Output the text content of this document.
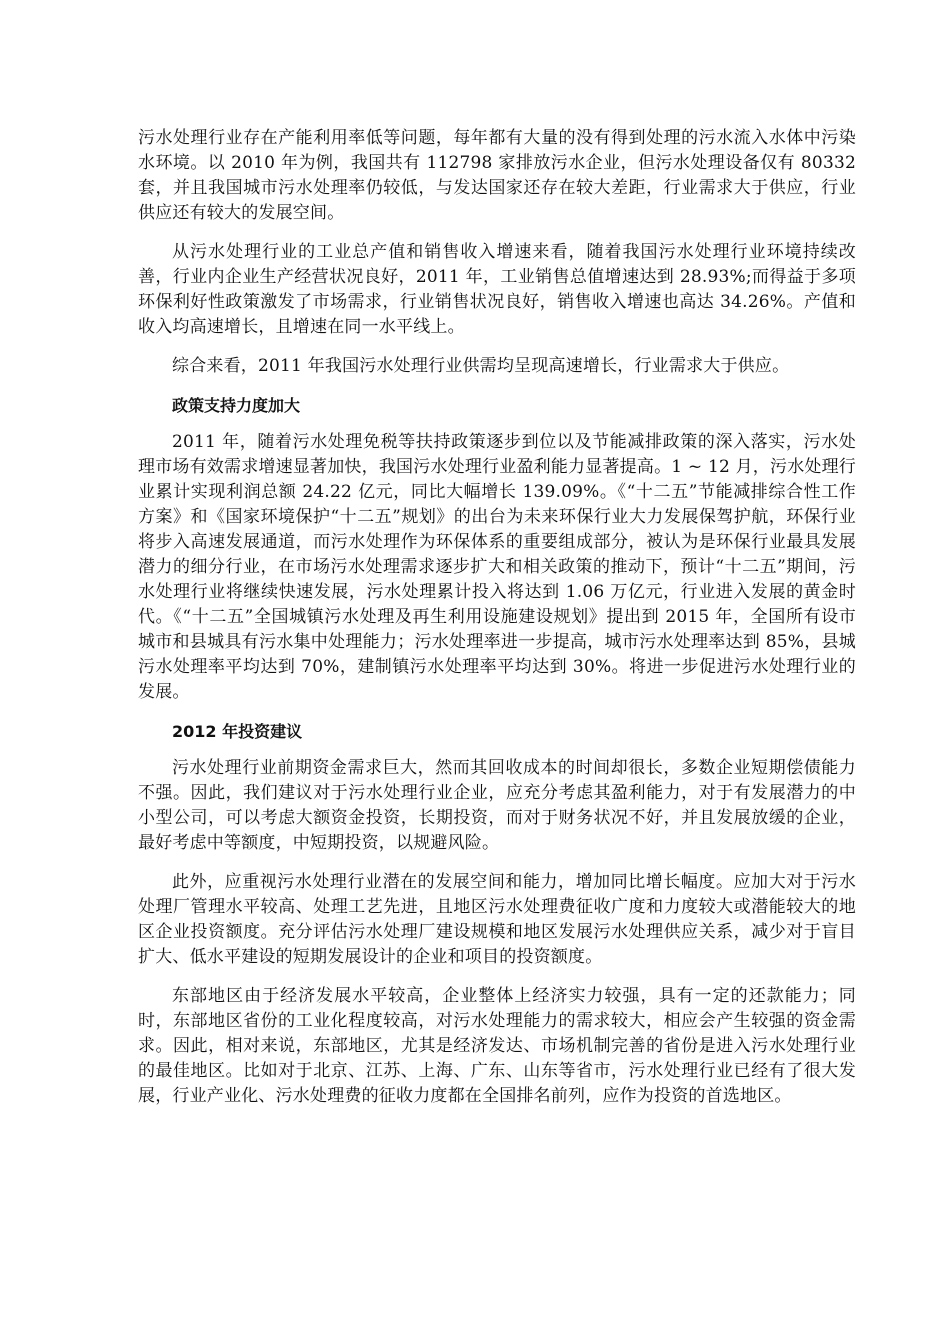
污水处理行业存在产能利用率低等问题，每年都有大量的没有得到处理的污水流入水体中污染水环境。以 2010 年为例，我国共有 112798 家排放污水企业，但污水处理设备仅有 80332 套，并且我国城市污水处理率仍较低，与发达国家还存在较大差距，行业需求大于供应，行业供应还有较大的发展空间。

从污水处理行业的工业总产值和销售收入增速来看，随着我国污水处理行业环境持续改善，行业内企业生产经营状况良好，2011 年，工业销售总值增速达到 28.93%;而得益于多项环保利好性政策激发了市场需求，行业销售状况良好，销售收入增速也高达 34.26%。产值和收入均高速增长，且增速在同一水平线上。

综合来看，2011 年我国污水处理行业供需均呈现高速增长，行业需求大于供应。

政策支持力度加大

2011 年，随着污水处理免税等扶持政策逐步到位以及节能减排政策的深入落实，污水处理市场有效需求增速显著加快，我国污水处理行业盈利能力显著提高。1 ~ 12 月，污水处理行业累计实现利润总额 24.22 亿元，同比大幅增长 139.09%。《“十二五”节能减排综合性工作方案》和《国家环境保护“十二五”规划》的出台为未来环保行业大力发展保驾护航，环保行业将步入高速发展通道，而污水处理作为环保体系的重要组成部分，被认为是环保行业最具发展潜力的细分行业，在市场污水处理需求逐步扩大和相关政策的推动下，预计“十二五”期间，污水处理行业将继续快速发展，污水处理累计投入将达到 1.06 万亿元，行业进入发展的黄金时代。《“十二五”全国城镇污水处理及再生利用设施建设规划》提出到 2015 年，全国所有设市城市和县城具有污水集中处理能力；污水处理率进一步提高，城市污水处理率达到 85%，县城污水处理率平均达到 70%，建制镇污水处理率平均达到 30%。将进一步促进污水处理行业的发展。

2012 年投资建议

污水处理行业前期资金需求巨大，然而其回收成本的时间却很长，多数企业短期偿债能力不强。因此，我们建议对于污水处理行业企业，应充分考虑其盈利能力，对于有发展潜力的中小型公司，可以考虑大额资金投资，长期投资，而对于财务状况不好，并且发展放缓的企业，最好考虑中等额度，中短期投资，以规避风险。

此外，应重视污水处理行业潜在的发展空间和能力，增加同比增长幅度。应加大对于污水处理厂管理水平较高、处理工艺先进，且地区污水处理费征收广度和力度较大或潜能较大的地区企业投资额度。充分评估污水处理厂建设规模和地区发展污水处理供应关系，减少对于盲目扩大、低水平建设的短期发展设计的企业和项目的投资额度。

东部地区由于经济发展水平较高，企业整体上经济实力较强，具有一定的还款能力；同时，东部地区省份的工业化程度较高，对污水处理能力的需求较大，相应会产生较强的资金需求。因此，相对来说，东部地区，尤其是经济发达、市场机制完善的省份是进入污水处理行业的最佳地区。比如对于北京、江苏、上海、广东、山东等省市，污水处理行业已经有了很大发展，行业产业化、污水处理费的征收力度都在全国排名前列，应作为投资的首选地区。
